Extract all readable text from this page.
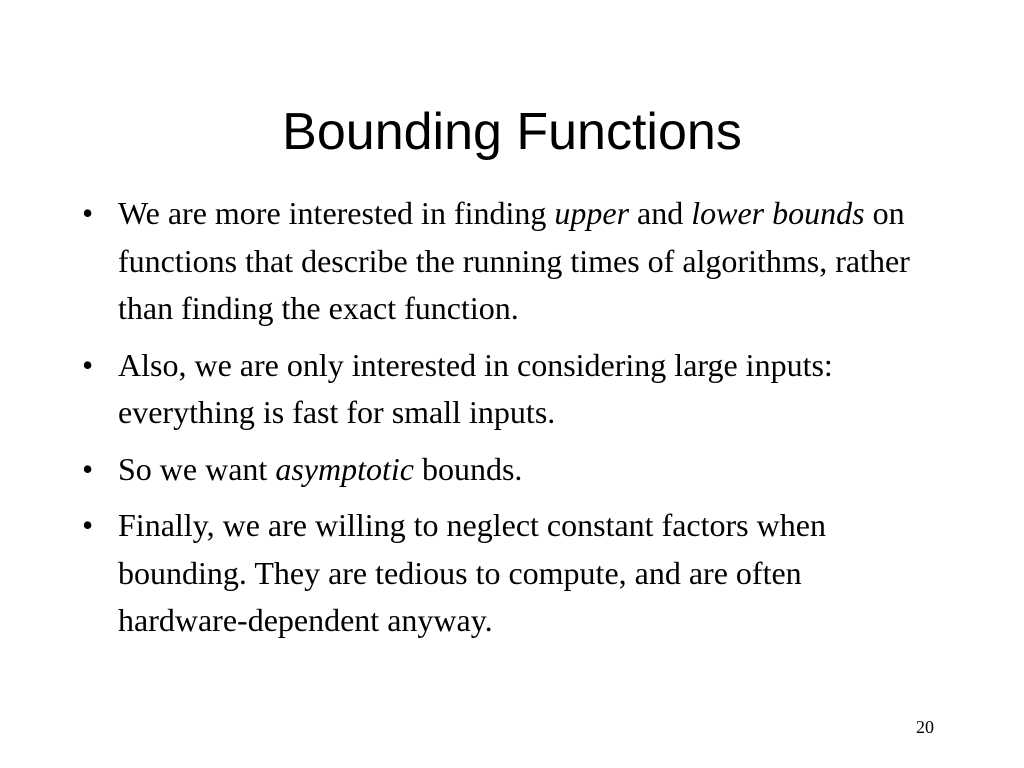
Bounding Functions
• We are more interested in finding upper and lower bounds on functions that describe the running times of algorithms, rather than finding the exact function.
• Also, we are only interested in considering large inputs: everything is fast for small inputs.
• So we want asymptotic bounds.
• Finally, we are willing to neglect constant factors when bounding. They are tedious to compute, and are often hardware-dependent anyway.
20
